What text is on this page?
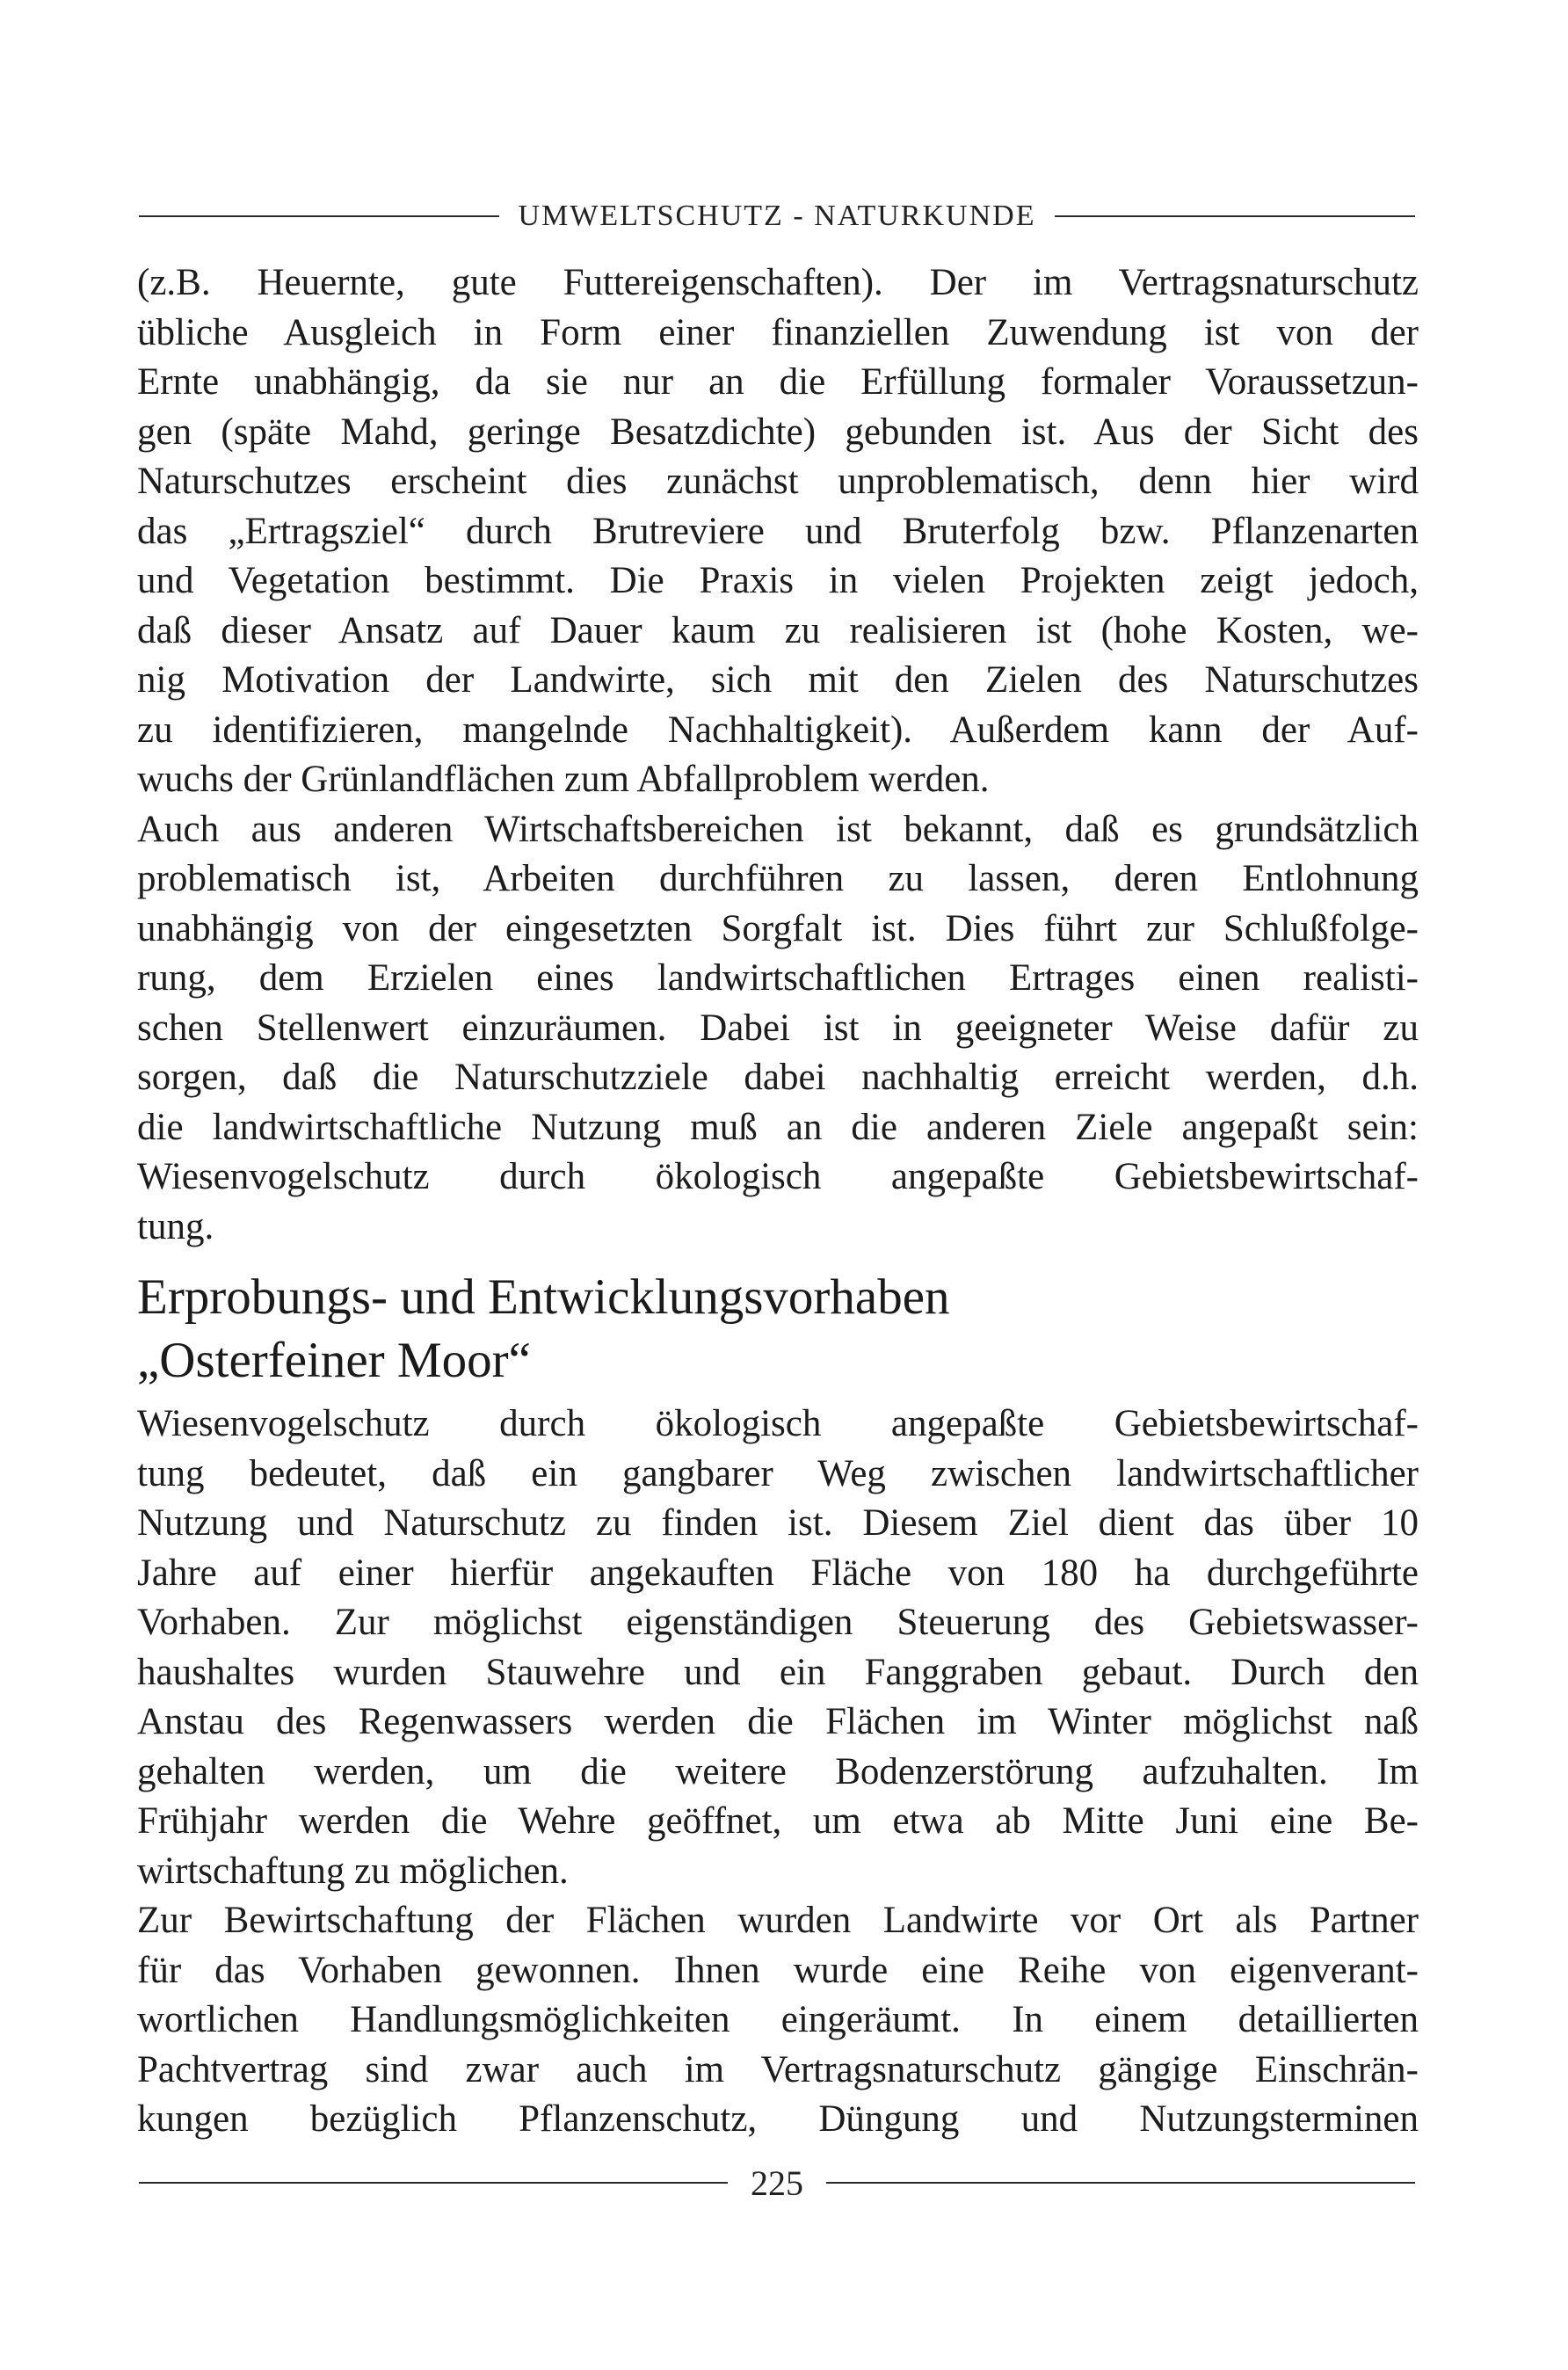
UMWELTSCHUTZ - NATURKUNDE
(z.B. Heuernte, gute Futtereigenschaften). Der im Vertragsnaturschutz
übliche Ausgleich in Form einer finanziellen Zuwendung ist von der
Ernte unabhängig, da sie nur an die Erfüllung formaler Voraussetzun-
gen (späte Mahd, geringe Besatzdichte) gebunden ist. Aus der Sicht des
Naturschutzes erscheint dies zunächst unproblematisch, denn hier wird
das „Ertragsziel“ durch Brutreviere und Bruterfolg bzw. Pflanzenarten
und Vegetation bestimmt. Die Praxis in vielen Projekten zeigt jedoch,
daß dieser Ansatz auf Dauer kaum zu realisieren ist (hohe Kosten, we-
nig Motivation der Landwirte, sich mit den Zielen des Naturschutzes
zu identifizieren, mangelnde Nachhaltigkeit). Außerdem kann der Auf-
wuchs der Grünlandflächen zum Abfallproblem werden.
Auch aus anderen Wirtschaftsbereichen ist bekannt, daß es grundsätzlich
problematisch ist, Arbeiten durchführen zu lassen, deren Entlohnung
unabhängig von der eingesetzten Sorgfalt ist. Dies führt zur Schlußfolge-
rung, dem Erzielen eines landwirtschaftlichen Ertrages einen realisti-
schen Stellenwert einzuräumen. Dabei ist in geeigneter Weise dafür zu
sorgen, daß die Naturschutzziele dabei nachhaltig erreicht werden, d.h.
die landwirtschaftliche Nutzung muß an die anderen Ziele angepaßt sein:
Wiesenvogelschutz durch ökologisch angepaßte Gebietsbewirtschaf-
tung.
Erprobungs- und Entwicklungsvorhaben
„Osterfeiner Moor“
Wiesenvogelschutz durch ökologisch angepaßte Gebietsbewirtschaf-
tung bedeutet, daß ein gangbarer Weg zwischen landwirtschaftlicher
Nutzung und Naturschutz zu finden ist. Diesem Ziel dient das über 10
Jahre auf einer hierfür angekauften Fläche von 180 ha durchgeführte
Vorhaben. Zur möglichst eigenständigen Steuerung des Gebietswasser-
haushaltes wurden Stauwehre und ein Fanggraben gebaut. Durch den
Anstau des Regenwassers werden die Flächen im Winter möglichst naß
gehalten werden, um die weitere Bodenzerstörung aufzuhalten. Im
Frühjahr werden die Wehre geöffnet, um etwa ab Mitte Juni eine Be-
wirtschaftung zu möglichen.
Zur Bewirtschaftung der Flächen wurden Landwirte vor Ort als Partner
für das Vorhaben gewonnen. Ihnen wurde eine Reihe von eigenverant-
wortlichen Handlungsmöglichkeiten eingeräumt. In einem detaillierten
Pachtvertrag sind zwar auch im Vertragsnaturschutz gängige Einschrän-
kungen bezüglich Pflanzenschutz, Düngung und Nutzungsterminen
225
